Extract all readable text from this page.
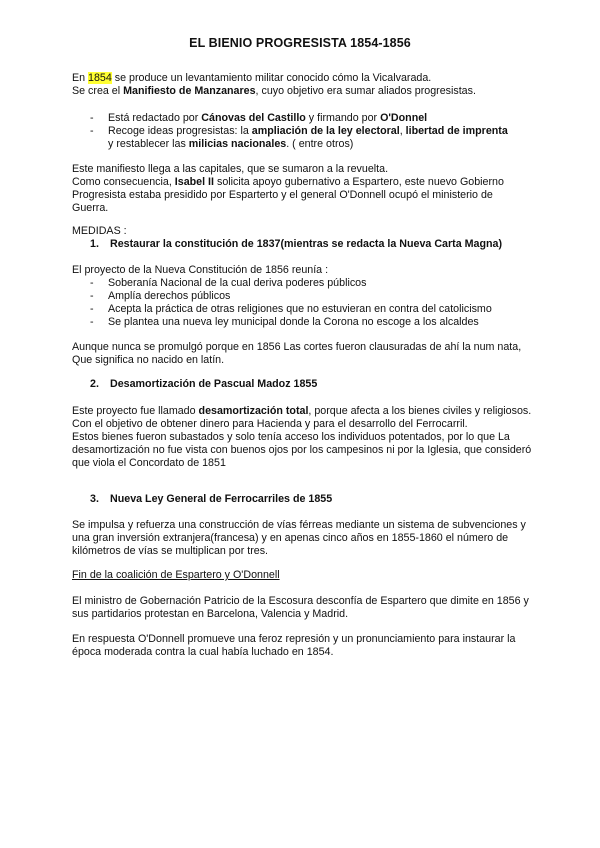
EL BIENIO PROGRESISTA 1854-1856

En 1854 se produce un levantamiento militar conocido cómo la Vicalvarada.

Se crea el Manifiesto de Manzanares, cuyo objetivo era sumar aliados progresistas.

- Está redactado por Cánovas del Castillo y firmando por O'Donnel
- Recoge ideas progresistas: la ampliación de la ley electoral, libertad de imprenta
y restablecer las milicias nacionales. ( entre otros)

Este manifiesto llega a las capitales, que se sumaron a la revuelta.

Como consecuencia, Isabel II solicita apoyo gubernativo a Espartero, este nuevo Gobierno Progresista estaba presidido por Esparterto y el general O'Donnell ocupó el ministerio de Guerra.

MEDIDAS :

1. Restaurar la constitución de 1837(mientras se redacta la Nueva Carta Magna)

El proyecto de la Nueva Constitución de 1856 reunía :

- Soberanía Nacional de la cual deriva poderes públicos
- Amplía derechos públicos
- Acepta la práctica de otras religiones que no estuvieran en contra del catolicismo
- Se plantea una nueva ley municipal donde la Corona no escoge a los alcaldes

Aunque nunca se promulgó porque en 1856 Las cortes fueron clausuradas de ahí la num nata, Que significa no nacido en latín.

2. Desamortización de Pascual Madoz 1855

Este proyecto fue llamado desamortización total, porque afecta a los bienes civiles y religiosos.

Con el objetivo de obtener dinero para Hacienda y para el desarrollo del Ferrocarril.

Estos bienes fueron subastados y solo tenía acceso los individuos potentados, por lo que La desamortización no fue vista con buenos ojos por los campesinos ni por la Iglesia, que consideró que viola el Concordato de 1851

3. Nueva Ley General de Ferrocarriles de 1855

Se impulsa y refuerza una construcción de vías férreas mediante un sistema de subvenciones y una gran inversión extranjera(francesa) y en apenas cinco años en 1855-1860 el número de kilómetros de vías se multiplican por tres.

Fin de la coalición de Espartero y O'Donnell

El ministro de Gobernación Patricio de la Escosura desconfía de Espartero que dimite en 1856 y sus partidarios protestan en Barcelona, Valencia y Madrid.

En respuesta O'Donnell promueve una feroz represión y un pronunciamiento para instaurar la época moderada contra la cual había luchado en 1854.
